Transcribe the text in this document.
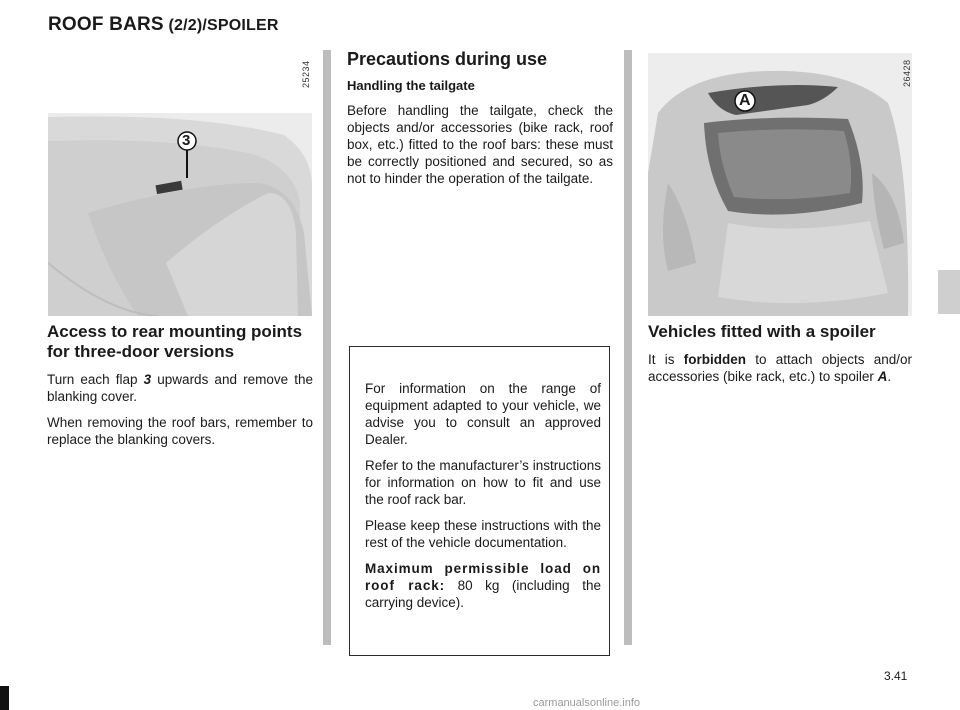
ROOF BARS (2/2)/SPOILER
25234
3
Access to rear mounting points for three-door versions

Turn each flap 3 upwards and remove the blanking cover.

When removing the roof bars, remember to replace the blanking covers.

Precautions during use
Handling the tailgate

Before handling the tailgate, check the objects and/or accessories (bike rack, roof box, etc.) fitted to the roof bars: these must be correctly positioned and secured, so as not to hinder the operation of the tailgate.

For information on the range of equipment adapted to your vehicle, we advise you to consult an approved Dealer.

Refer to the manufacturer’s instructions for information on how to fit and use the roof rack bar.

Please keep these instructions with the rest of the vehicle documentation.

Maximum permissible load on roof rack: 80 kg (including the carrying device).

26428
A
Vehicles fitted with a spoiler

It is forbidden to attach objects and/or accessories (bike rack, etc.) to spoiler A.

3.41
carmanualsonline.info
